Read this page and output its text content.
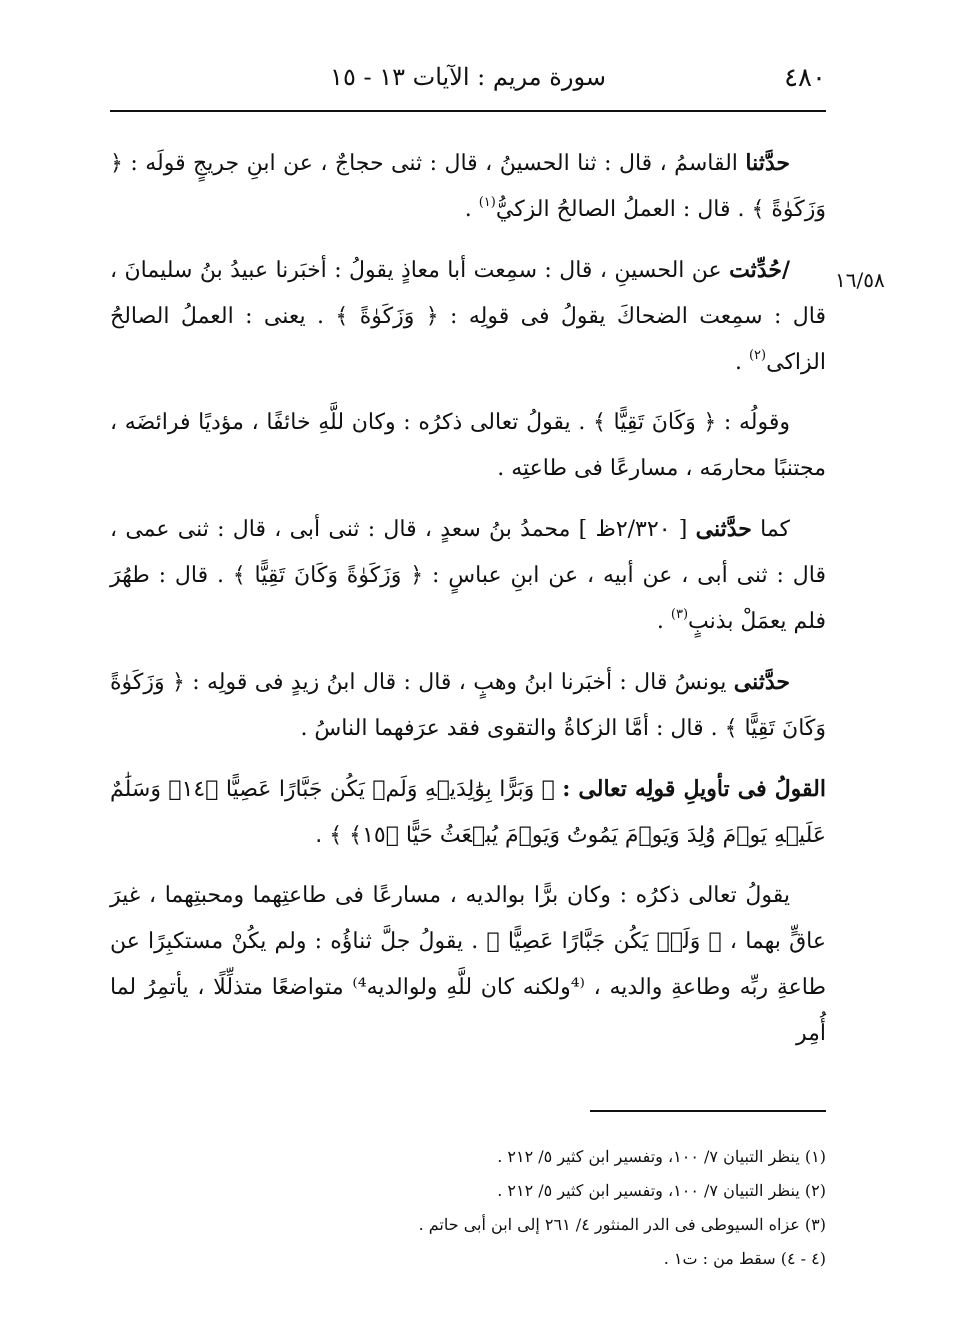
٤٨٠
سورة مريم : الآيات ١٣ - ١٥
١٦/٥٨

حدَّثنا القاسمُ ، قال : ثنا الحسينُ ، قال : ثنى حجاجٌ ، عن ابنِ جريجٍ قولَه : ﴿ وَزَكَوٰةً ﴾ . قال : العملُ الصالحُ الزكيُّ$^{(١)}$ .

/حُدِّثت عن الحسينِ ، قال : سمِعت أبا معاذٍ يقولُ : أخبَرنا عبيدُ بنُ سليمانَ ، قال : سمِعت الضحاكَ يقولُ فى قولِه : ﴿ وَزَكَوٰةً ﴾ . يعنى : العملُ الصالحُ الزاكى$^{(٢)}$ .

وقولُه : ﴿ وَكَانَ تَقِيًّا ﴾ . يقولُ تعالى ذكرُه : وكان للَّهِ خائفًا ، مؤديًا فرائضَه ، مجتنبًا محارمَه ، مسارعًا فى طاعتِه .

كما حدَّثنى [ ٢/٣٢٠ظ ] محمدُ بنُ سعدٍ ، قال : ثنى أبى ، قال : ثنى عمى ، قال : ثنى أبى ، عن أبيه ، عن ابنِ عباسٍ : ﴿ وَزَكَوٰةً وَكَانَ تَقِيًّا ﴾ . قال : طهُرَ فلم يعمَلْ بذنبٍ$^{(٣)}$ .

حدَّثنى يونسُ قال : أخبَرنا ابنُ وهبٍ ، قال : قال ابنُ زيدٍ فى قولِه : ﴿ وَزَكَوٰةً وَكَانَ تَقِيًّا ﴾ . قال : أمَّا الزكاةُ والتقوى فقد عرَفهما الناسُ .

القولُ فى تأويلِ قولِه تعالى : ﴿ وَبَرًّا بِوَٰلِدَيۡهِ وَلَمۡ يَكُن جَبَّارًا عَصِيًّا ﴿١٤﴾ وَسَلَٰمٌ عَلَيۡهِ يَوۡمَ وُلِدَ وَيَوۡمَ يَمُوتُ وَيَوۡمَ يُبۡعَثُ حَيًّا ﴿١٥﴾ ﴾ .

يقولُ تعالى ذكرُه : وكان برًّا بوالديه ، مسارعًا فى طاعتِهما ومحبتِهما ، غيرَ عاقٍّ بهما ، ﴿ وَلَمۡ يَكُن جَبَّارًا عَصِيًّا ﴾ . يقولُ جلَّ ثناؤُه : ولم يكُنْ مستكبِرًا عن طاعةِ ربِّه وطاعةِ والديه ، ⁽⁴ولكنه كان للَّهِ ولوالديه⁴⁾ متواضعًا متذلِّلًا ، يأتمِرُ لما أُمِر

(١) ينظر التبيان ٧/ ١٠٠، وتفسير ابن كثير ٥/ ٢١٢ .
(٢) ينظر التبيان ٧/ ١٠٠، وتفسير ابن كثير ٥/ ٢١٢ .
(٣) عزاه السيوطى فى الدر المنثور ٤/ ٢٦١ إلى ابن أبى حاتم .
(٤ - ٤) سقط من : ت١ .
